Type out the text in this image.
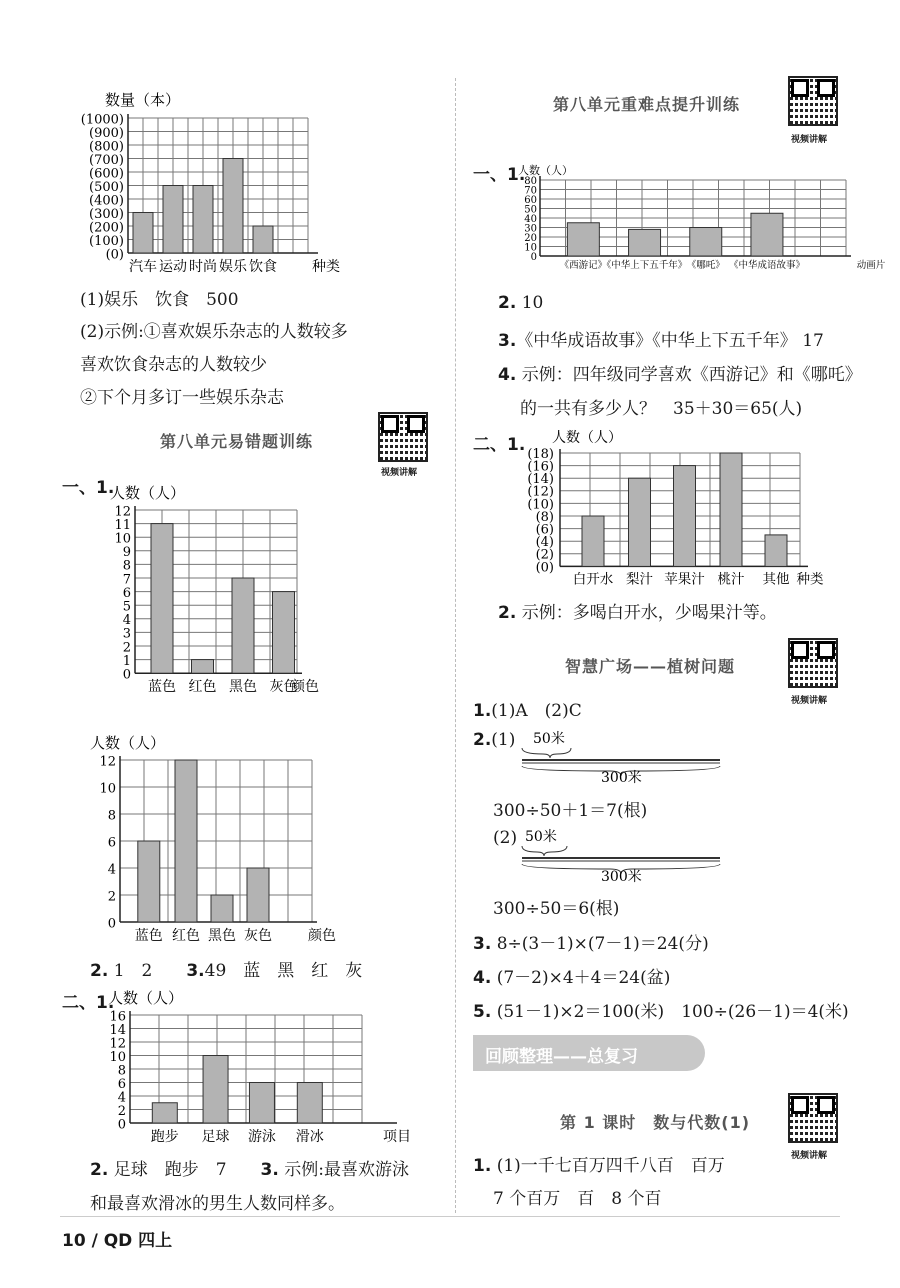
数量（本）
(1000)
(900)
(800)
(700)
(600)
(500)
(400)
(300)
(200)
(100)
(0)
汽车 运动 时尚 娱乐 饮食	种类
(1)娱乐　饮食　500
(2)示例:①喜欢娱乐杂志的人数较多
喜欢饮食杂志的人数较少
②下个月多订一些娱乐杂志
第八单元易错题训练
视频讲解
一、1.
人数（人）
12
11
10
9
8
7
6
5
4
3
2
1
0
蓝色 红色 黑色 灰色
颜色
人数（人）
12
10
8
6
4
2
0
蓝色 红色 黑色 灰色	颜色
2. 1　2　　 3.49　蓝　黑　红　灰
二、1.
人数（人）
16
14
12
10
8
6
4
2
0
跑步 足球 游泳 滑冰	项目
2. 足球　跑步　7　　 3. 示例:最喜欢游泳
和最喜欢滑冰的男生人数同样多。
10 / QD 四上
第八单元重难点提升训练
视频讲解
一、1.
人数（人）
80
70
60
50
40
30
20
10
0
《西游记》
《中华上下五千年》 《哪吒》 《中华成语故事》	动画片
2. 10
3.《中华成语故事》《中华上下五千年》 17
4. 示例：四年级同学喜欢《西游记》和《哪吒》
的一共有多少人？　35＋30＝65(人)
二、1. 人数（人）
(18)
(16)
(14)
(12)
(10)
(8)
(6)
(4)
(2)
(0)
白开水 梨汁 苹果汁 桃汁 其他 种类
2. 示例：多喝白开水，少喝果汁等。
智慧广场——植树问题
视频讲解
1.(1)A　(2)C
2.(1) 50米
300米
300÷50＋1＝7(根)
(2) 50米
300米
300÷50＝6(根)
3. 8÷(3－1)×(7－1)＝24(分)
4. (7－2)×4＋4＝24(盆)
5. (51－1)×2＝100(米)　100÷(26－1)＝4(米)
回顾整理——总复习
第 1 课时　数与代数(1)
视频讲解
1. (1)一千七百万四千八百　百万
7 个百万　百　8 个百
